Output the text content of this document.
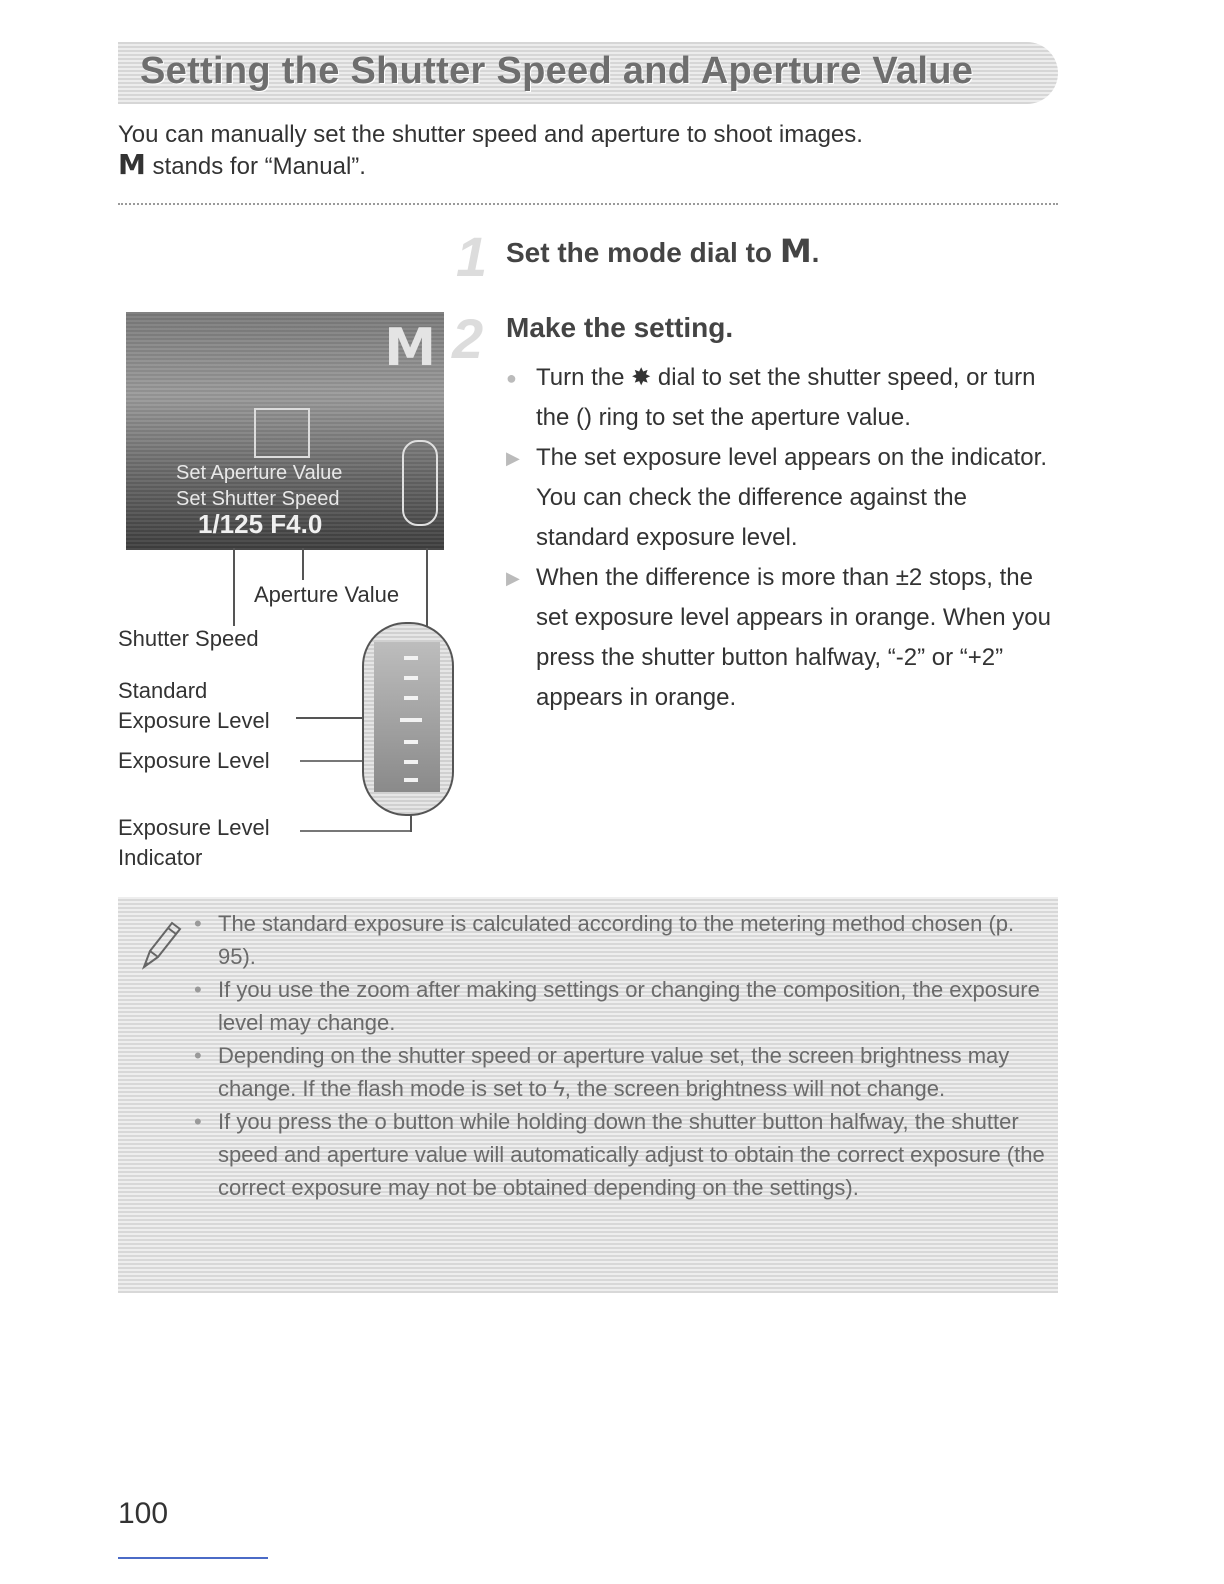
Setting the Shutter Speed and Aperture Value

You can manually set the shutter speed and aperture to shoot images.

M stands for “Manual”.

1 Set the mode dial to M.
2 Make the setting.

● Turn the ✸ dial to set the shutter speed, or turn the () ring to set the aperture value.

▶ The set exposure level appears on the indicator. You can check the difference against the standard exposure level.

▶ When the difference is more than ±2 stops, the set exposure level appears in orange. When you press the shutter button halfway, “-2” or “+2” appears in orange.

M
Set Aperture Value
Set Shutter Speed
1/125 F4.0
Aperture Value
Shutter Speed
Standard
Exposure Level
Exposure Level
Exposure Level
Indicator
• The standard exposure is calculated according to the metering method chosen (p. 95).
• If you use the zoom after making settings or changing the composition, the exposure level may change.
• Depending on the shutter speed or aperture value set, the screen brightness may change. If the flash mode is set to ϟ, the screen brightness will not change.
• If you press the o button while holding down the shutter button halfway, the shutter speed and aperture value will automatically adjust to obtain the correct exposure (the correct exposure may not be obtained depending on the settings).
100
